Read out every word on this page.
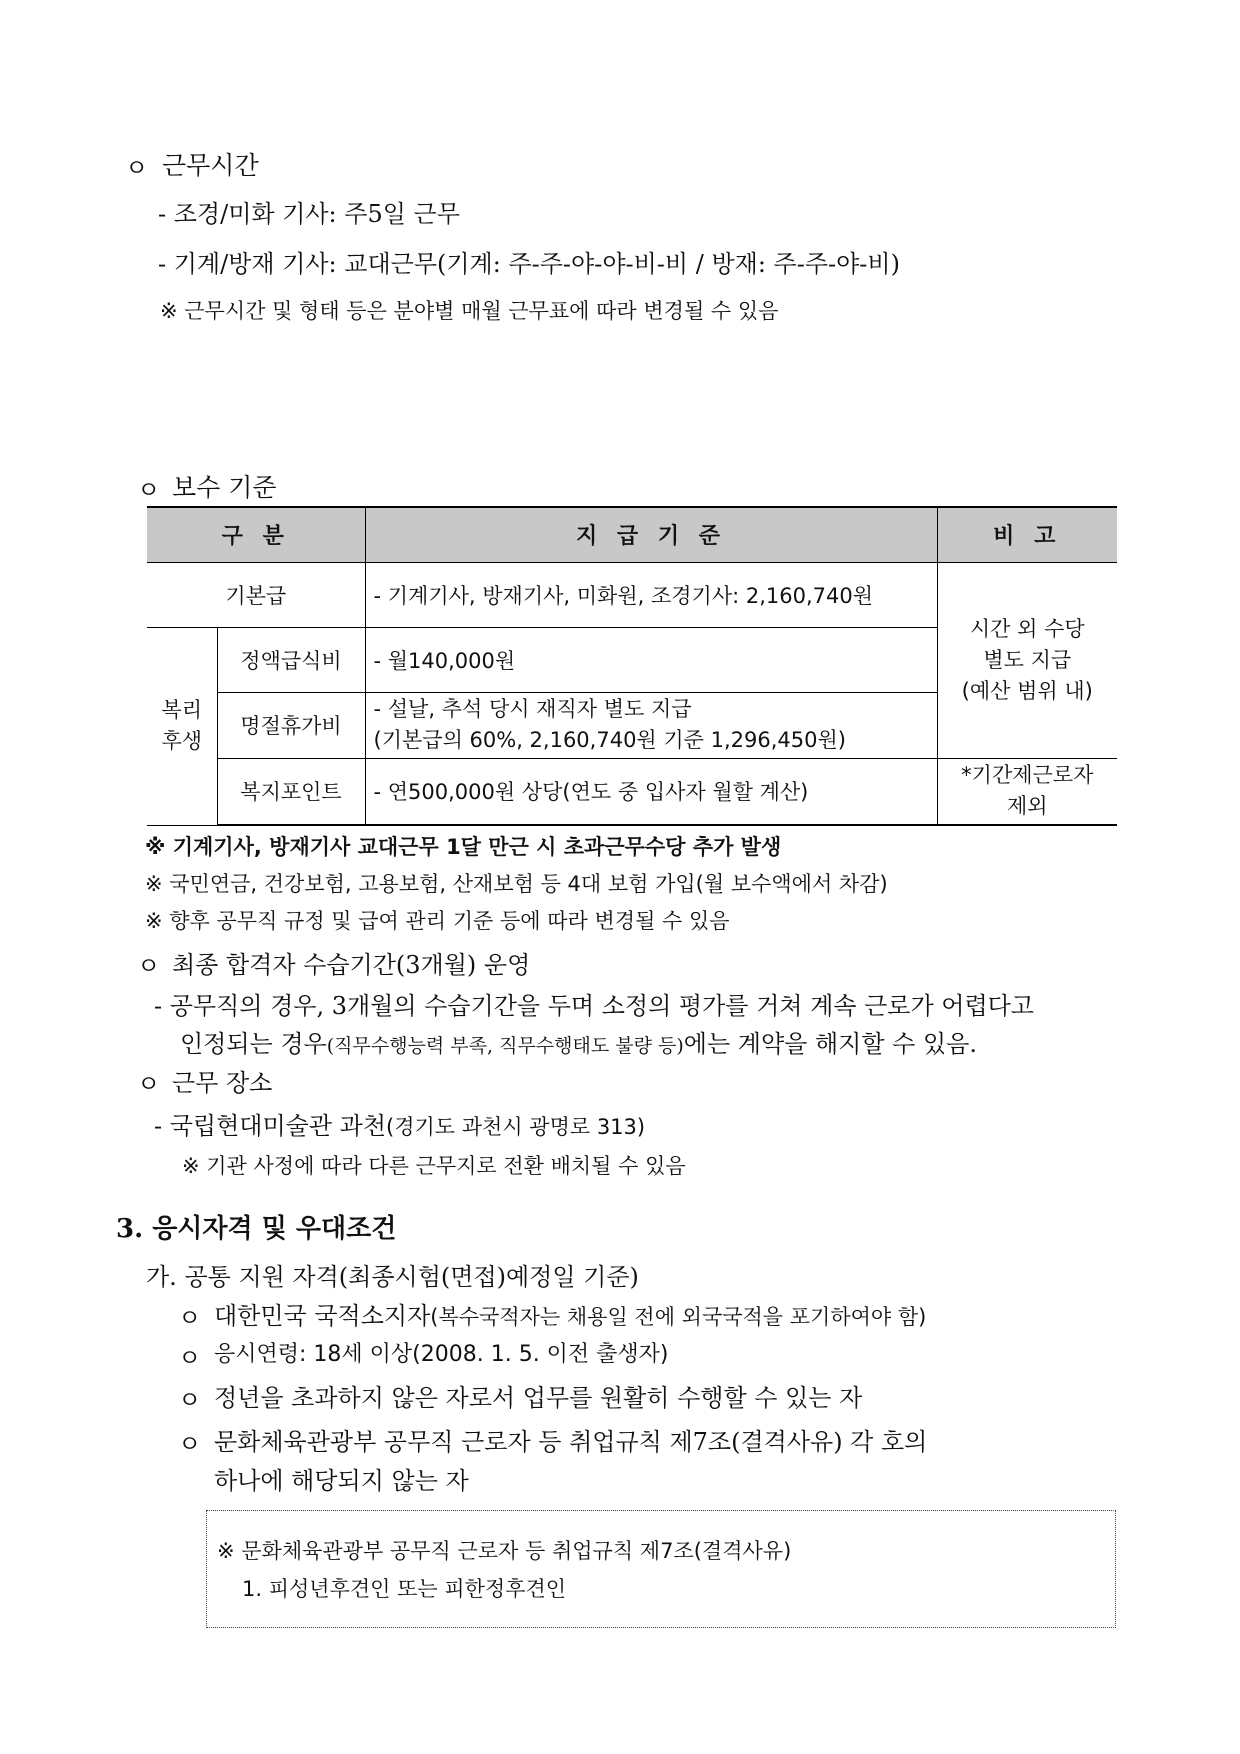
ㅇ 근무시간
- 조경/미화 기사: 주5일 근무
- 기계/방재 기사: 교대근무(기계: 주-주-야-야-비-비 / 방재: 주-주-야-비)
※ 근무시간 및 형태 등은 분야별 매월 근무표에 따라 변경될 수 있음
ㅇ 보수 기준
구 분		지 급 기 준	비 고
기본급		- 기계기사, 방재기사, 미화원, 조경기사: 2,160,740원	시간 외 수당
별도 지급
(예산 범위 내)

복리
후생	정액급식비	- 월140,000원	
	명절휴가비	- 설날, 추석 당시 재직자 별도 지급
(기본급의 60%, 2,160,740원 기준 1,296,450원)	

	복지포인트	- 연500,000원 상당(연도 중 입사자 월할 계산)	*기간제근로자
제외
※ 기계기사, 방재기사 교대근무 1달 만근 시 초과근무수당 추가 발생
※ 국민연금, 건강보험, 고용보험, 산재보험 등 4대 보험 가입(월 보수액에서 차감)
※ 향후 공무직 규정 및 급여 관리 기준 등에 따라 변경될 수 있음
ㅇ 최종 합격자 수습기간(3개월) 운영
- 공무직의 경우, 3개월의 수습기간을 두며 소정의 평가를 거쳐 계속 근로가 어렵다고
인정되는 경우(직무수행능력 부족, 직무수행태도 불량 등)에는 계약을 해지할 수 있음.
ㅇ 근무 장소
- 국립현대미술관 과천(경기도 과천시 광명로 313)
※ 기관 사정에 따라 다른 근무지로 전환 배치될 수 있음
3. 응시자격 및 우대조건
가. 공통 지원 자격(최종시험(면접)예정일 기준)
ㅇ 대한민국 국적소지자(복수국적자는 채용일 전에 외국국적을 포기하여야 함)
ㅇ 응시연령: 18세 이상(2008. 1. 5. 이전 출생자)
ㅇ 정년을 초과하지 않은 자로서 업무를 원활히 수행할 수 있는 자
ㅇ 문화체육관광부 공무직 근로자 등 취업규칙 제7조(결격사유) 각 호의
하나에 해당되지 않는 자
※ 문화체육관광부 공무직 근로자 등 취업규칙 제7조(결격사유)
1. 피성년후견인 또는 피한정후견인
